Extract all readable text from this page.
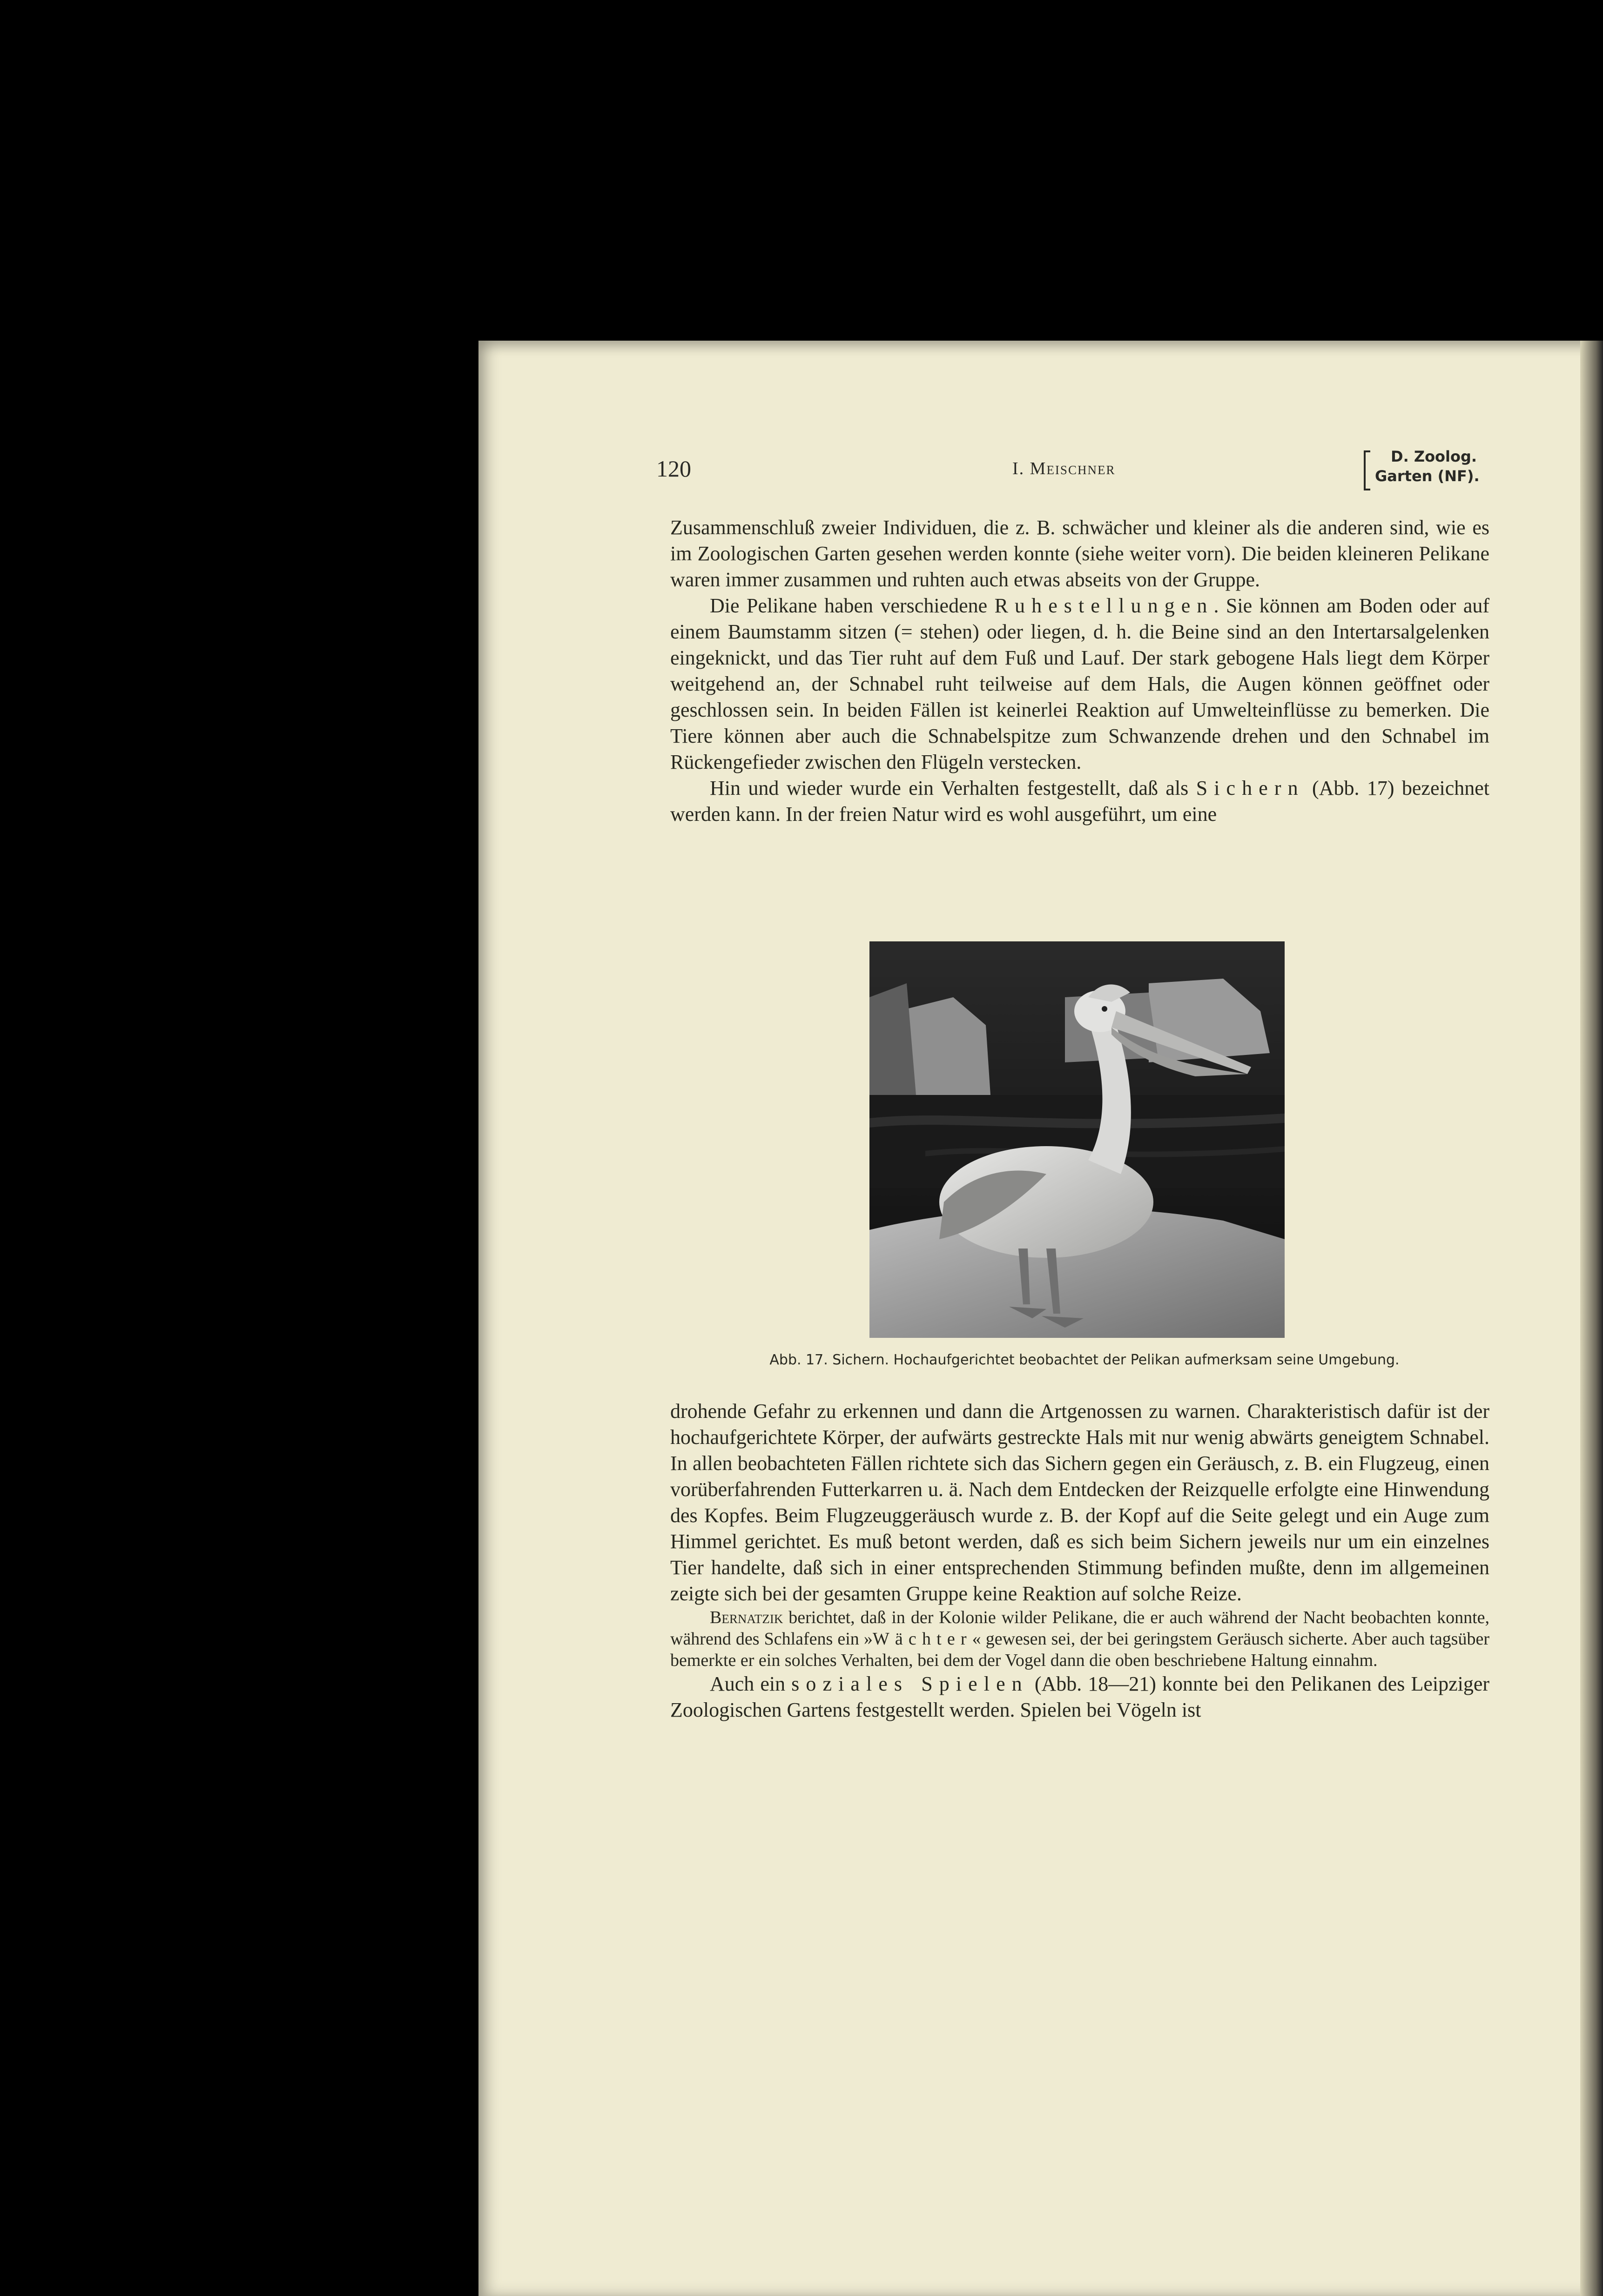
120	I. Meischner
D. Zoolog.
Garten (NF).

Zusammenschluß zweier Individuen, die z. B. schwächer und kleiner als die anderen sind, wie es im Zoologischen Garten gesehen werden konnte (siehe weiter vorn). Die beiden kleineren Pelikane waren immer zusammen und ruhten auch etwas abseits von der Gruppe.

Die Pelikane haben verschiedene Ruhestellungen. Sie können am Boden oder auf einem Baumstamm sitzen (= stehen) oder liegen, d. h. die Beine sind an den Intertarsalgelenken eingeknickt, und das Tier ruht auf dem Fuß und Lauf. Der stark gebogene Hals liegt dem Körper weitgehend an, der Schnabel ruht teilweise auf dem Hals, die Augen können geöffnet oder geschlossen sein. In beiden Fällen ist keinerlei Reaktion auf Umwelteinflüsse zu bemerken. Die Tiere können aber auch die Schnabelspitze zum Schwanzende drehen und den Schnabel im Rückengefieder zwischen den Flügeln verstecken.

Hin und wieder wurde ein Verhalten festgestellt, daß als Sichern (Abb. 17) bezeichnet werden kann. In der freien Natur wird es wohl ausgeführt, um eine

Abb. 17. Sichern. Hochaufgerichtet beobachtet der Pelikan aufmerksam seine Umgebung.

drohende Gefahr zu erkennen und dann die Artgenossen zu warnen. Charakteristisch dafür ist der hochaufgerichtete Körper, der aufwärts gestreckte Hals mit nur wenig abwärts geneigtem Schnabel. In allen beobachteten Fällen richtete sich das Sichern gegen ein Geräusch, z. B. ein Flugzeug, einen vorüberfahrenden Futterkarren u. ä. Nach dem Entdecken der Reizquelle erfolgte eine Hinwendung des Kopfes. Beim Flugzeuggeräusch wurde z. B. der Kopf auf die Seite gelegt und ein Auge zum Himmel gerichtet. Es muß betont werden, daß es sich beim Sichern jeweils nur um ein einzelnes Tier handelte, daß sich in einer entsprechenden Stimmung befinden mußte, denn im allgemeinen zeigte sich bei der gesamten Gruppe keine Reaktion auf solche Reize.

Bernatzik berichtet, daß in der Kolonie wilder Pelikane, die er auch während der Nacht beobachten konnte, während des Schlafens ein »Wächter« gewesen sei, der bei geringstem Geräusch sicherte. Aber auch tagsüber bemerkte er ein solches Verhalten, bei dem der Vogel dann die oben beschriebene Haltung einnahm.

Auch ein soziales Spielen (Abb. 18—21) konnte bei den Pelikanen des Leipziger Zoologischen Gartens festgestellt werden. Spielen bei Vögeln ist
